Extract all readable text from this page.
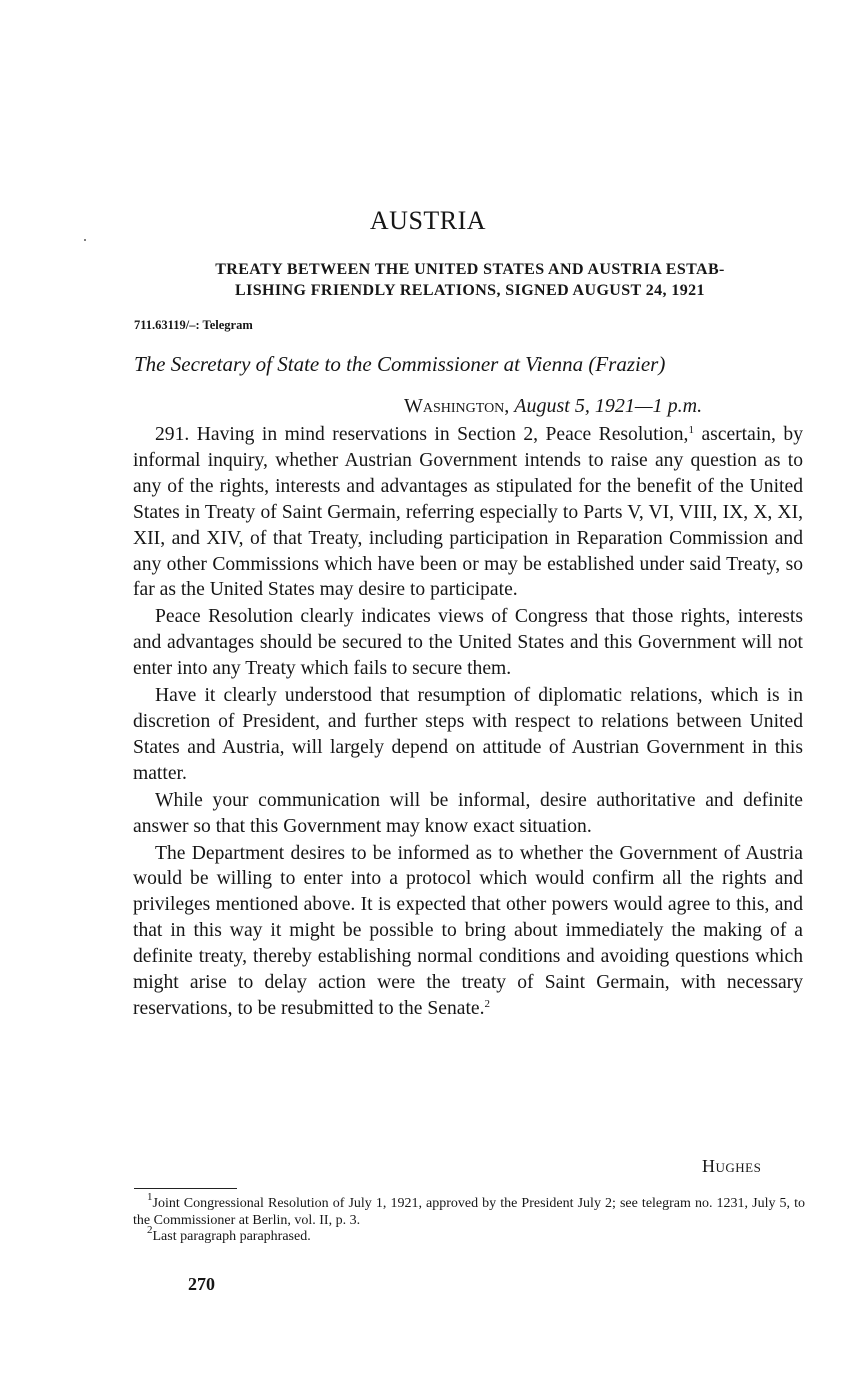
AUSTRIA
TREATY BETWEEN THE UNITED STATES AND AUSTRIA ESTAB-
LISHING FRIENDLY RELATIONS, SIGNED AUGUST 24, 1921
711.63119/–: Telegram
The Secretary of State to the Commissioner at Vienna (Frazier)
Washington, August 5, 1921—1 p.m.

291. Having in mind reservations in Section 2, Peace Resolution,$^1$ ascertain, by informal inquiry, whether Austrian Government intends to raise any question as to any of the rights, interests and advantages as stipulated for the benefit of the United States in Treaty of Saint Germain, referring especially to Parts V, VI, VIII, IX, X, XI, XII, and XIV, of that Treaty, including participation in Reparation Commission and any other Commissions which have been or may be established under said Treaty, so far as the United States may desire to participate.

Peace Resolution clearly indicates views of Congress that those rights, interests and advantages should be secured to the United States and this Government will not enter into any Treaty which fails to secure them.

Have it clearly understood that resumption of diplomatic relations, which is in discretion of President, and further steps with respect to relations between United States and Austria, will largely depend on attitude of Austrian Government in this matter.

While your communication will be informal, desire authoritative and definite answer so that this Government may know exact situation.

The Department desires to be informed as to whether the Government of Austria would be willing to enter into a protocol which would confirm all the rights and privileges mentioned above. It is expected that other powers would agree to this, and that in this way it might be possible to bring about immediately the making of a definite treaty, thereby establishing normal conditions and avoiding questions which might arise to delay action were the treaty of Saint Germain, with necessary reservations, to be resubmitted to the Senate.$^2$

Hughes

$^1$Joint Congressional Resolution of July 1, 1921, approved by the President July 2; see telegram no. 1231, July 5, to the Commissioner at Berlin, vol. II, p. 3.

$^2$Last paragraph paraphrased.

270
